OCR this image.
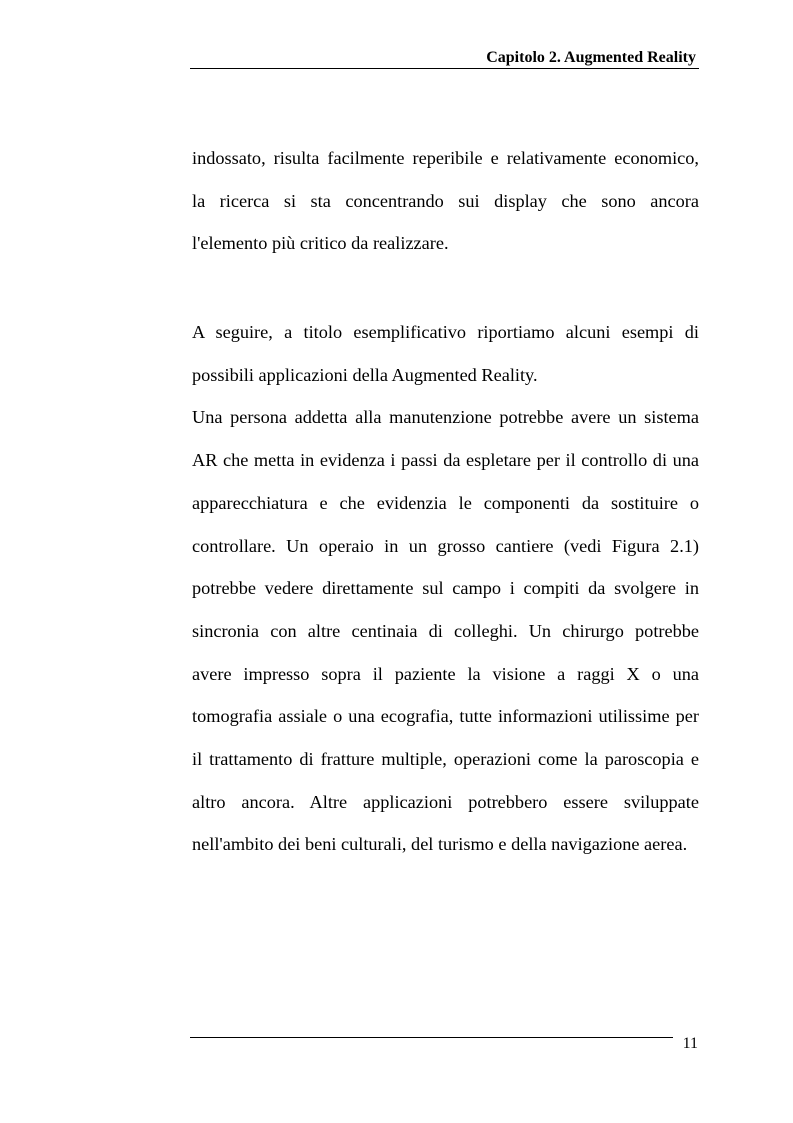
Capitolo 2. Augmented Reality
indossato, risulta facilmente reperibile e relativamente economico,
la ricerca si sta concentrando sui display che sono ancora
l'elemento più critico da realizzare.
A seguire, a titolo esemplificativo riportiamo alcuni esempi di
possibili applicazioni della Augmented Reality.
Una persona addetta alla manutenzione potrebbe avere un sistema
AR che metta in evidenza i passi da espletare per il controllo di una
apparecchiatura e che evidenzia le componenti da sostituire o
controllare. Un operaio in un grosso cantiere (vedi Figura 2.1)
potrebbe vedere direttamente sul campo i compiti da svolgere in
sincronia con altre centinaia di colleghi. Un chirurgo potrebbe
avere impresso sopra il paziente la visione a raggi X o una
tomografia assiale o una ecografia, tutte informazioni utilissime per
il trattamento di fratture multiple, operazioni come la paroscopia e
altro ancora. Altre applicazioni potrebbero essere sviluppate
nell'ambito dei beni culturali, del turismo e della navigazione aerea.
11
